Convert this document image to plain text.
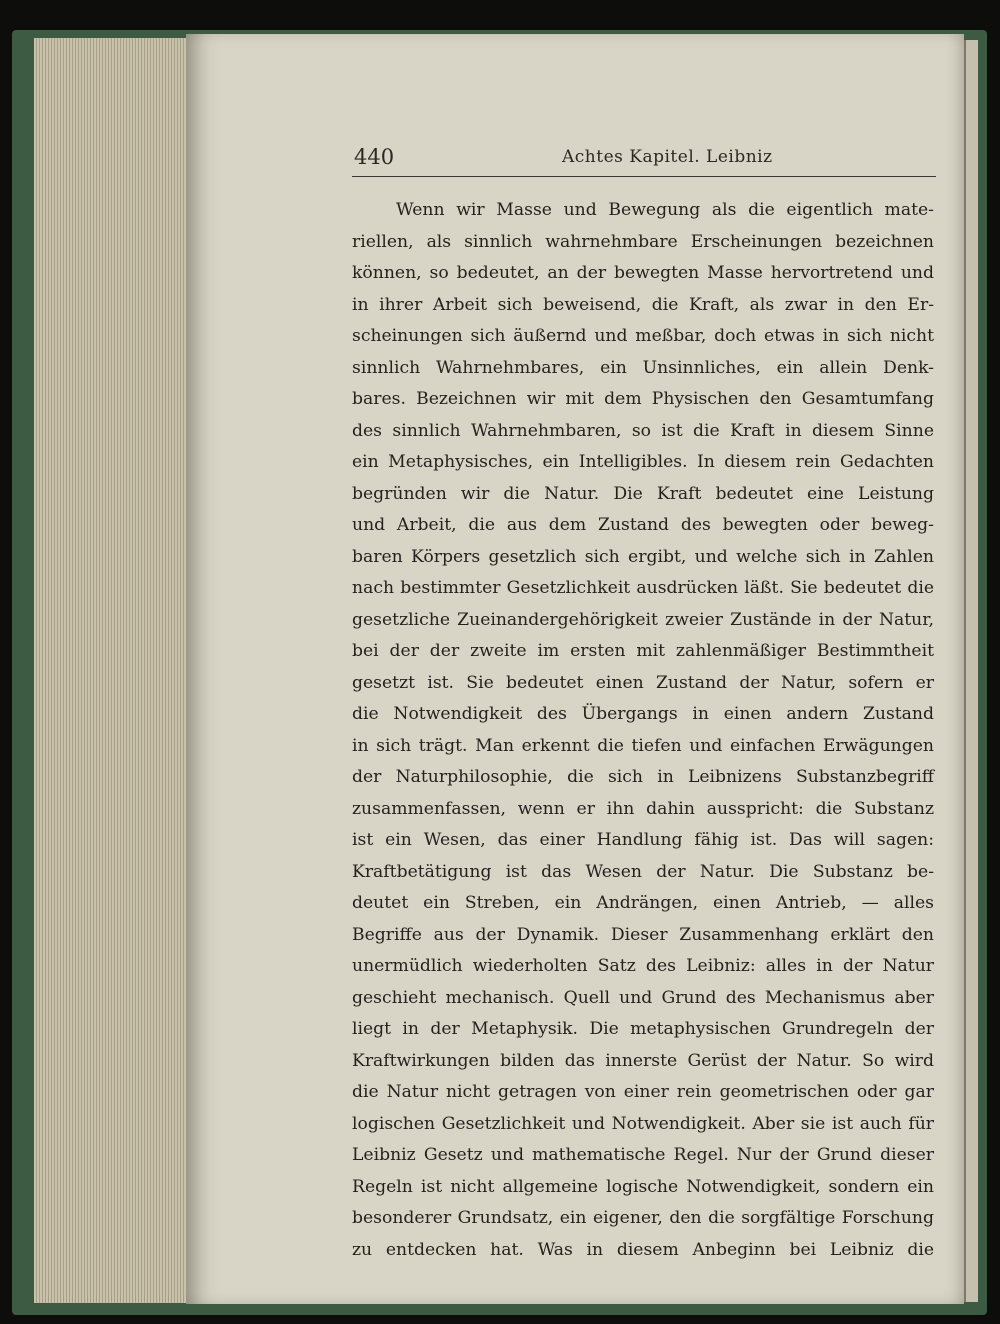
440	Achtes Kapitel. Leibniz
Wenn wir Masse und Bewegung als die eigentlich mate-
riellen, als sinnlich wahrnehmbare Erscheinungen bezeichnen
können, so bedeutet, an der bewegten Masse hervortretend und
in ihrer Arbeit sich beweisend, die Kraft, als zwar in den Er-
scheinungen sich äußernd und meßbar, doch etwas in sich nicht
sinnlich Wahrnehmbares, ein Unsinnliches, ein allein Denk-
bares. Bezeichnen wir mit dem Physischen den Gesamtumfang
des sinnlich Wahrnehmbaren, so ist die Kraft in diesem Sinne
ein Metaphysisches, ein Intelligibles. In diesem rein Gedachten
begründen wir die Natur. Die Kraft bedeutet eine Leistung
und Arbeit, die aus dem Zustand des bewegten oder beweg-
baren Körpers gesetzlich sich ergibt, und welche sich in Zahlen
nach bestimmter Gesetzlichkeit ausdrücken läßt. Sie bedeutet die
gesetzliche Zueinandergehörigkeit zweier Zustände in der Natur,
bei der der zweite im ersten mit zahlenmäßiger Bestimmtheit
gesetzt ist. Sie bedeutet einen Zustand der Natur, sofern er
die Notwendigkeit des Übergangs in einen andern Zustand
in sich trägt. Man erkennt die tiefen und einfachen Erwägungen
der Naturphilosophie, die sich in Leibnizens Substanzbegriff
zusammenfassen, wenn er ihn dahin ausspricht: die Substanz
ist ein Wesen, das einer Handlung fähig ist. Das will sagen:
Kraftbetätigung ist das Wesen der Natur. Die Substanz be-
deutet ein Streben, ein Andrängen, einen Antrieb, — alles
Begriffe aus der Dynamik. Dieser Zusammenhang erklärt den
unermüdlich wiederholten Satz des Leibniz: alles in der Natur
geschieht mechanisch. Quell und Grund des Mechanismus aber
liegt in der Metaphysik. Die metaphysischen Grundregeln der
Kraftwirkungen bilden das innerste Gerüst der Natur. So wird
die Natur nicht getragen von einer rein geometrischen oder gar
logischen Gesetzlichkeit und Notwendigkeit. Aber sie ist auch für
Leibniz Gesetz und mathematische Regel. Nur der Grund dieser
Regeln ist nicht allgemeine logische Notwendigkeit, sondern ein
besonderer Grundsatz, ein eigener, den die sorgfältige Forschung
zu entdecken hat. Was in diesem Anbeginn bei Leibniz die
